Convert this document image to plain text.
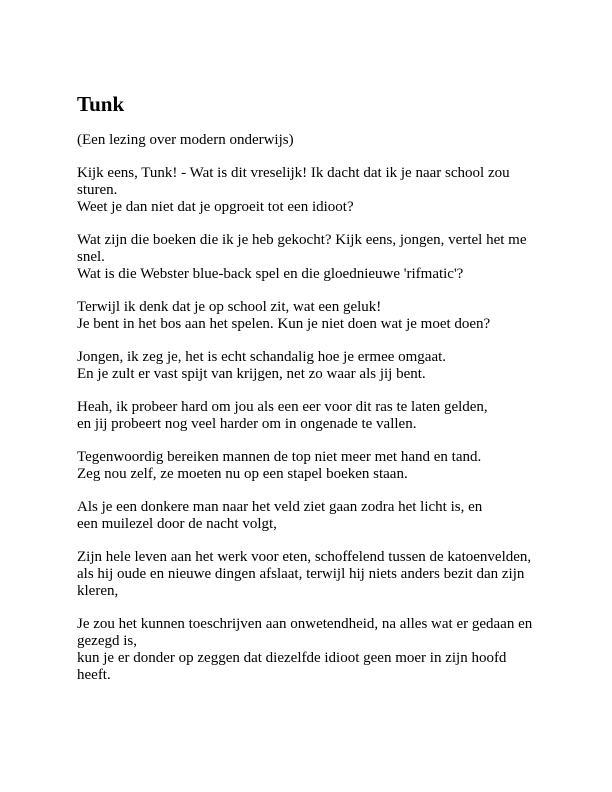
Tunk

(Een lezing over modern onderwijs)

Kijk eens, Tunk! - Wat is dit vreselijk! Ik dacht dat ik je naar school zou sturen.
Weet je dan niet dat je opgroeit tot een idioot?
Wat zijn die boeken die ik je heb gekocht? Kijk eens, jongen, vertel het me snel.
Wat is die Webster blue-back spel en die gloednieuwe 'rifmatic'?
Terwijl ik denk dat je op school zit, wat een geluk!
Je bent in het bos aan het spelen. Kun je niet doen wat je moet doen?
Jongen, ik zeg je, het is echt schandalig hoe je ermee omgaat.
En je zult er vast spijt van krijgen, net zo waar als jij bent.
Heah, ik probeer hard om jou als een eer voor dit ras te laten gelden,
en jij probeert nog veel harder om in ongenade te vallen.
Tegenwoordig bereiken mannen de top niet meer met hand en tand.
Zeg nou zelf, ze moeten nu op een stapel boeken staan.
Als je een donkere man naar het veld ziet gaan zodra het licht is, en
een muilezel door de nacht volgt,
Zijn hele leven aan het werk voor eten, schoffelend tussen de katoenvelden,
als hij oude en nieuwe dingen afslaat, terwijl hij niets anders bezit dan zijn kleren,
Je zou het kunnen toeschrijven aan onwetendheid, na alles wat er gedaan en gezegd is,
kun je er donder op zeggen dat diezelfde idioot geen moer in zijn hoofd heeft.
